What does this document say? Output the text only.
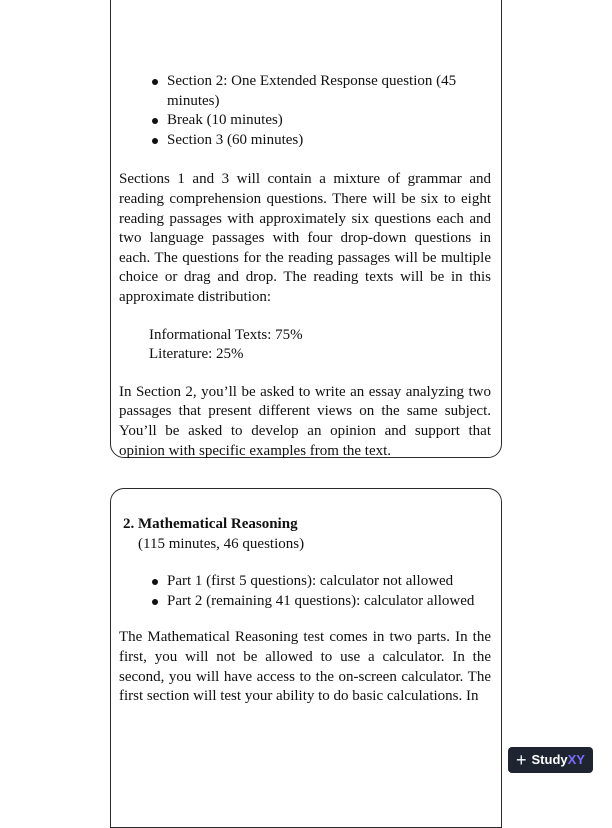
Section 2: One Extended Response question (45 minutes)
Break (10 minutes)
Section 3 (60 minutes)

Sections 1 and 3 will contain a mixture of grammar and reading comprehension questions. There will be six to eight reading passages with approximately six questions each and two language passages with four drop-down questions in each. The questions for the reading passages will be multiple choice or drag and drop. The reading texts will be in this approximate distribution:

Informational Texts: 75%
Literature: 25%

In Section 2, you’ll be asked to write an essay analyzing two passages that present different views on the same subject. You’ll be asked to develop an opinion and support that opinion with specific examples from the text.

2. Mathematical Reasoning
(115 minutes, 46 questions)
Part 1 (first 5 questions): calculator not allowed
Part 2 (remaining 41 questions): calculator allowed

The Mathematical Reasoning test comes in two parts. In the first, you will not be allowed to use a calculator. In the second, you will have access to the on-screen calculator. The first section will test your ability to do basic calculations. In

+ Study XY
